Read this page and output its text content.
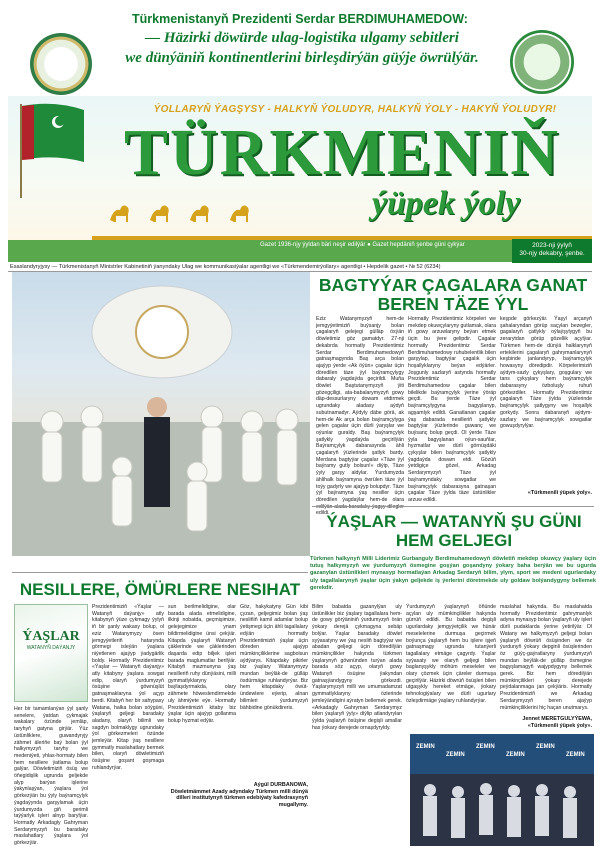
Türkmenistanyň Prezidenti Serdar BERDIMUHAMEDOW:
— Häzirki döwürde ulag-logistika ulgamy sebitleri
we dünýäniň kontinentlerini birleşdirýän güýje öwrülýär.
ÝOLLARYŇ ÝAGŞYSY - HALKYŇ ÝOLUDYR, HALKYŇ ÝOLY - HAKYŇ ÝOLUDYR!
TÜRKMENIŇ
ýüpek ýoly
Gazet 1936-njy ýyldan bäri neşir edilýär ● Gazet hepdäniň şenbe güni çykýar	2023-nji ýylyň
30-njy dekabry, şenbe.
Esaslandyryjysy — Türkmenistanyň Ministrler Kabinetiniň ýanyndaky Ulag we kommunikasiýalar agentligi we «Türkmendemirýollary» agentligi • Hepdelik gazet • № 52 (6234)
BAGTYÝAR ÇAGALARA GANAT BEREN TÄZE ÝYL
Eziz Watanymyzyň hem-de jemgyýetimiziň buýsanjy bolan çagalaryň gelejegi gülläp ösýän döwletimiz göz gamatdyr. 27-nji dekabrda hormatly Prezidentimiz Serdar Berdimuhamedowyň gatnaşmagynda Baş arça bolan ajaýyp ýerde «Ak öýün» çagalar üçin döredilen täze ýyl baýramçylygy dabaraly ýagdaýda geçirildi. Muňa döwlet Baştutanymyzyň ýiti gözegçiligi, ata-babalarymyzyň gowy däp-dessurlaryny dowam etdirmek ugrundaky aladasy aýdyň subutnamadyr. Aýdyly däbe görä, ak hem-de Ak arça bolan baýramçylyga gelen çagalar üçin dürli ýaryşlar we oýunlar guraldy. Baş baýramçylyk şatlykly ýagdaýda geçirilýän Baýramçylyk dabarasynda ähli çagalaryň ýüzlerinde şatlyk bardy. Merdana bagtyýar çagalar «Täze ýyl baýramy gutly bolsun!» diýip, Täze ýyly garşy aldylar. Ýurdumyzda ählihalk baýramyna öwrülen täze ýyl toýy gadyrly we ajaýyp bolupdyr. Täze ýyl baýramyna ýaş nesiller üçin döredilen ýagdaýlar hem-de olara edildi.
Hormatly Prezidentimiz körpeleri we mekdep okuwçylaryny gutlamak, olara iň gowy arzuwlaryny beýan etmek üçin bu ýere gelipdir. Çagalar hormatly Prezidentimiz Serdar Berdimuhamedowy ruhubelentlik bilen garşylap, bagtyýar çagalık üçin hoşallyklaryny beýan edýärler. Joşgunly sazlaryň astynda hormatly Prezidentimiz Serdar Berdimuhamedow çagalar bilen bilelikde baýramçylyk ýerine ýöräp geçdi. Bu ýerde Täze ýyl baýramçylygyna bagyşlanyp, agşamlyk edildi. Ganatlanan çagalar ýaş dabarada nesilleriň şatlykly bagtyýar ýüzlerinde guwanç we buýsanç bolup geçdi. Ol ýerde Täze ýyla bagyşlanan oýun-sauňlar, hyzmatlar we dürli görnüşdäki çykyşlar bilen baýramçylyk şatlykly ýagdaýda dowam etdi. Gözüň ýetdigiçe gözel, Arkadag Serdarymyzyň Täze ýyl baýramyndaky sowgatlar we baýramçylyk dabarasyna gatnaşan çagalar Täze ýylda täze üstünlikler arzuw edildi.
keşpde görkezýär. Ýaşyl arçanyň şahalaryndan görüp saçylan bezegler, gagalaryň çatlykly oýlaýşylygyň bu zerarytdan görüp gözellik açylýar. Türkmen hem-de dünýä halklarynyň ertekilerini çagalaryň gahrymanlarynyň keşbinde janlandyryp, baýramçylyk howasyny döredipdir. Körpelerimiziň aýdym-sazly çykyşlary, goşgulary we tans çykyşlary hem baýramçylyk dabarasyny özboluşly ruhuň görkezdiler. Hormatly Prezidentimiz çagalaryň Täze ýylda ýüzlerinde baýramçylyk şatlygyny we hoşallyk gorkydy. Sonra dabaranyň aýdym-sazlary we baýramçylyk sowgatlar gowuşdyrylýar.
«Türkmenili ýüpek ýoly».
ÝAŞLAR — WATANYŇ ŞU GÜNI HEM GELJEGI
Türkmen halkynyň Milli Liderimiz Gurbanguly Berdimuhamedowyň döwletiň mekdep okuwçy ýaşlary üçin tutuş halkymyzyň we ýurdumyzyň ösmegine goşýan goşandyny ýokary baha berýän we bu ugurda gazanylan üstünlikleri mynasyp hormatlaýan Arkadag Serdaryň bilim, ylym, sport we medeni ugurlardaky uly tagallalarynyň ýaşlar üçin ýakyn geljekde iş ýerlerini döretmekde uly goldaw bolýandygyny bellemek gerekdir.
Bilim babatda gazanylýan uly üstünlikler biz ýaşlary tagallalara hem-de gowy görýäniniň ýurdumyzyň örän ýokary derejä çykmagyna sebäp bolýar. Ýaşlar baradaky döwlet syýasatyny we ýaş nesliň bagtyýar we abadan geljegi üçin döredilýän mümkinçilikler hakynda türkmen ýaşlarynyň göwnünden turýan alada barada söz açyp, olaryň gowy Watanyň ösüşine ýakyndan gatnaşýandygyny görkezdi. Ýaşlarymyzyň milli we umumadamzat gymmatlyklaryny özlerinde jemleýändigini aýratyn bellemek gerek. «Arkadagly Gahryman Serdarymyz bilen ýaşlaryň ýyly» diýlip atlandyrylan ýylda ýaşlaryň ösüşine degişli amallar has ýokary derejede ornaşdyryldy.
Ýurdumyzyň ýaşlarynyň öňünde açylan uly mümkinçilikler hakynda gürrüň edildi. Bu babatda degişli ugurlardaky jemgyýetçilik we hünär meselelerine durmuşa geçirmek boýunça ýaşlaryň hem bu işlere işjeň gatnaşmagy ugrunda tutanýerli tagallalary etmäge çagyrdy. Ýaşlar syýasaty we olaryň geljegi bilen baglanyşykly möhüm meseleler we olary çözmek üçin çäreler durmuşa geçirilýär. Häzirki döwrüň ösüşleri bilen utgaşykly hereket etmäge, ýokary tehnologiýalary we dürli ugurlary özleşdirmäge ýaşlary ruhlandyrýar.
maslahat hakynda. Bu maslahatda hormatly Prezidentimiz gahrymanlyk adyna mynasyp bolan ýaşlaryň uly işleri dürli pudaklarda ýerine ýetirilýär. Ol Watany we halkymyzyň geljegi bolan ýaşlaryň döwrüň ösüşinden we öz ýurdunyň ýokary depginli ösüşlerinden öz güýç-gaýratlaryny ýurdumyzyň mundan beýläk-de gülläp ösmegine bagyşlamagyň wajypdygyny bellemek gerek. Biz hem döredilýän mümkinçilikleri ýokary derejede peýdalanmaga jan çekýäris. Hormatly Prezidentimiziň we Arkadag Serdarymyzyň beren ajaýyp mümkinçiliklerini hiç haçan unutmarys.
Jennet MERETGULYÝEWA,
«Türkmenili ýüpek ýoly».
NESILLERE, ÖMÜRLERE NESIHAT
ÝAŞLAR
WATANYŇ DAÝANJY
Her bir tamamlanýan ýyl şanly senelere, ýatdan çykmajak wakalary özünde jemläp, taryhyň gatyna girýär. Ýüz üstünliklere, guwandyryjy zähmet äleriňe baý bolan ýyl halkymyzyň taryhy we medeniýeti, yhlas-hormaty bilen hem nesillere ýatlama bolup galýar. Döwletimiziň ösüş we öňegidişlik ugrunda geljekde alyp barýan işlerine ýakynlaşýan, ýaşlara ýol görkezýän bu ýyly baýramçylyk ýagdaýynda garşylamak üçin ýurdumyzda giň gerimli taýýarlyk işleri alnyp barylýar. Hormatly Arkadagly Gahryman Serdarymyzyň bu baradaky maslahatlary ýaşlara ýol görkezýär.
Prezidentimiziň «Ýaşlar — Watanyň daýanjy» atly kitabynyň ýüze çykmagy ýylyň iň bir şanly wakasy bolup, ol eziz Watanymyzy ösen jemgyýetleriň hatarynda görmegi isleýän ýaşlara niýetlenen ajaýyp ýadygärlik boldy. Hormatly Prezidentimiz «Ýaşlar — Watanyň daýanjy» atly kitabyny ýaşlara sowgat edip, olaryň ýurdumyzyň ösüşine göwnüşlüt gatnaşmaklaryna ýol açyp berdi. Kitabyň her bir sahypasy Watana, halka bolan söýgüni, ýaşlaryň geljegi baradaky aladany, olaryň bilimli we sagdyn bolmaklygy ugrundaky ýol görkezmeleri özünde jemleýär. Kitap ýaş nesillere gymmatly maslahatlary bermek bilen, olaryň döwletimiziň ösüşine goşant goşmaga ruhlandyrýar.
sun berilmelidigine, olar barada alada etmelidigine, ilkinji nobatda, geçmişimize, gelejegimize ynam bildirmelidigine ünsi çekýär. Kitapda ýaşlaryň Watanyň çäklerinde we çäklerinden daşarda edip biljek işleri barada maglumatlar berilýär. Kitabyň mazmunyna ýaş nesilleriň ruhy dünýäsini, milli gymmatlyklaryny baýlaşdyrmakda, olary zähmete höweslendirmekde uly ähmiýete eýe. Hormatly Prezidentimiziň kitaby biz ýaşlar üçin ajaýyp gollanma bolup hyzmat edýär.
Göz, hakykatyny Gün kibi çyzan, geljegimiz bolan ýaş nesliňiň kamil adamlar bolup ýetişmegi üçin ähli tagallalary edýän hormatly Prezidentimiziň ýaşlar üçin döreden ajaýyp mümkinçiliklerine sagbolsun aýdýarys. Kitapdaky pikirler biz ýaşlary Watanymyzy mundan beýläk-de gülläp ösdürmäge ruhlandyrýar. Biz hem kitapdaky öwüt-ündewlere eýerip, alnan bilimleri ýurdumyzyň bähbidine gönükdireris.
Aýgül DURBANOWA,
Döwletmämmet Azady adyndaky Türkmen milli dünýä dilleri institutynyň türkmen edebiýaty kafedrasynyň mugallymy.
ZEMIN
ZEMIN
ZEMIN
ZEMIN
ZEMIN
ZEMIN
